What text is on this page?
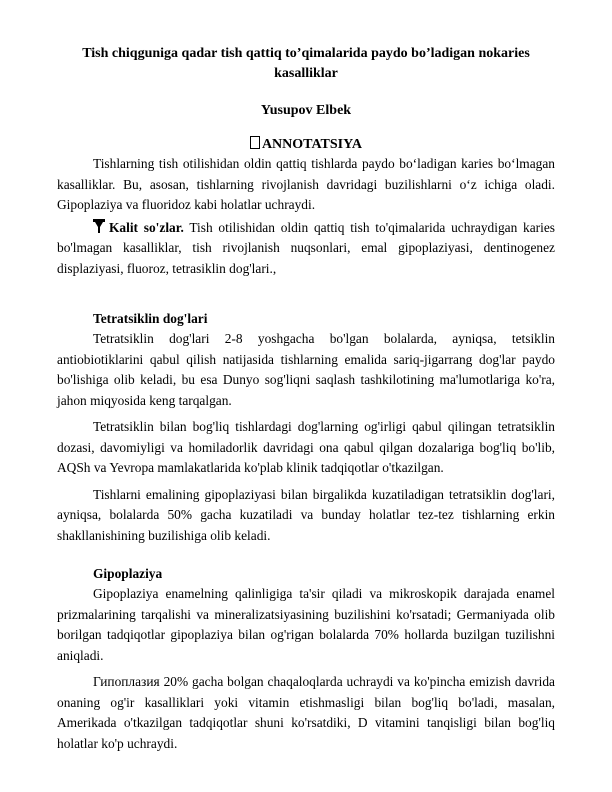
Tish chiqguniga qadar tish qattiq to’qimalarida paydo bo’ladigan nokaries kasalliklar
Yusupov Elbek
ANNOTATSIYA

Tishlarning tish otilishidan oldin qattiq tishlarda paydo bo‘ladigan karies bo‘lmagan kasalliklar. Bu, asosan, tishlarning rivojlanish davridagi buzilishlarni o‘z ichiga oladi. Gipoplaziya va fluoridoz kabi holatlar uchraydi.

Kalit so'zlar. Tish otilishidan oldin qattiq tish to'qimalarida uchraydigan karies bo'lmagan kasalliklar, tish rivojlanish nuqsonlari, emal gipoplaziyasi, dentinogenez displaziyasi, fluoroz, tetrasiklin dog'lari.,

Tetratsiklin dog'lari

Tetratsiklin dog'lari 2-8 yoshgacha bo'lgan bolalarda, ayniqsa, tetsiklin antiobiotiklarini qabul qilish natijasida tishlarning emalida sariq-jigarrang dog'lar paydo bo'lishiga olib keladi, bu esa Dunyo sog'liqni saqlash tashkilotining ma'lumotlariga ko'ra, jahon miqyosida keng tarqalgan.

Tetratsiklin bilan bog'liq tishlardagi dog'larning og'irligi qabul qilingan tetratsiklin dozasi, davomiyligi va homiladorlik davridagi ona qabul qilgan dozalariga bog'liq bo'lib, AQSh va Yevropa mamlakatlarida ko'plab klinik tadqiqotlar o'tkazilgan.

Tishlarni emalining gipoplaziyasi bilan birgalikda kuzatiladigan tetratsiklin dog'lari, ayniqsa, bolalarda 50% gacha kuzatiladi va bunday holatlar tez-tez tishlarning erkin shakllanishining buzilishiga olib keladi.

Gipoplaziya

Gipoplaziya enamelning qalinligiga ta'sir qiladi va mikroskopik darajada enamel prizmalarining tarqalishi va mineralizatsiyasining buzilishini ko'rsatadi; Germaniyada olib borilgan tadqiqotlar gipoplaziya bilan og'rigan bolalarda 70% hollarda buzilgan tuzilishni aniqladi.

Гипоплазия 20% gacha bolgan chaqaloqlarda uchraydi va ko'pincha emizish davrida onaning og'ir kasalliklari yoki vitamin etishmasligi bilan bog'liq bo'ladi, masalan, Amerikada o'tkazilgan tadqiqotlar shuni ko'rsatdiki, D vitamini tanqisligi bilan bog'liq holatlar ko'p uchraydi.
